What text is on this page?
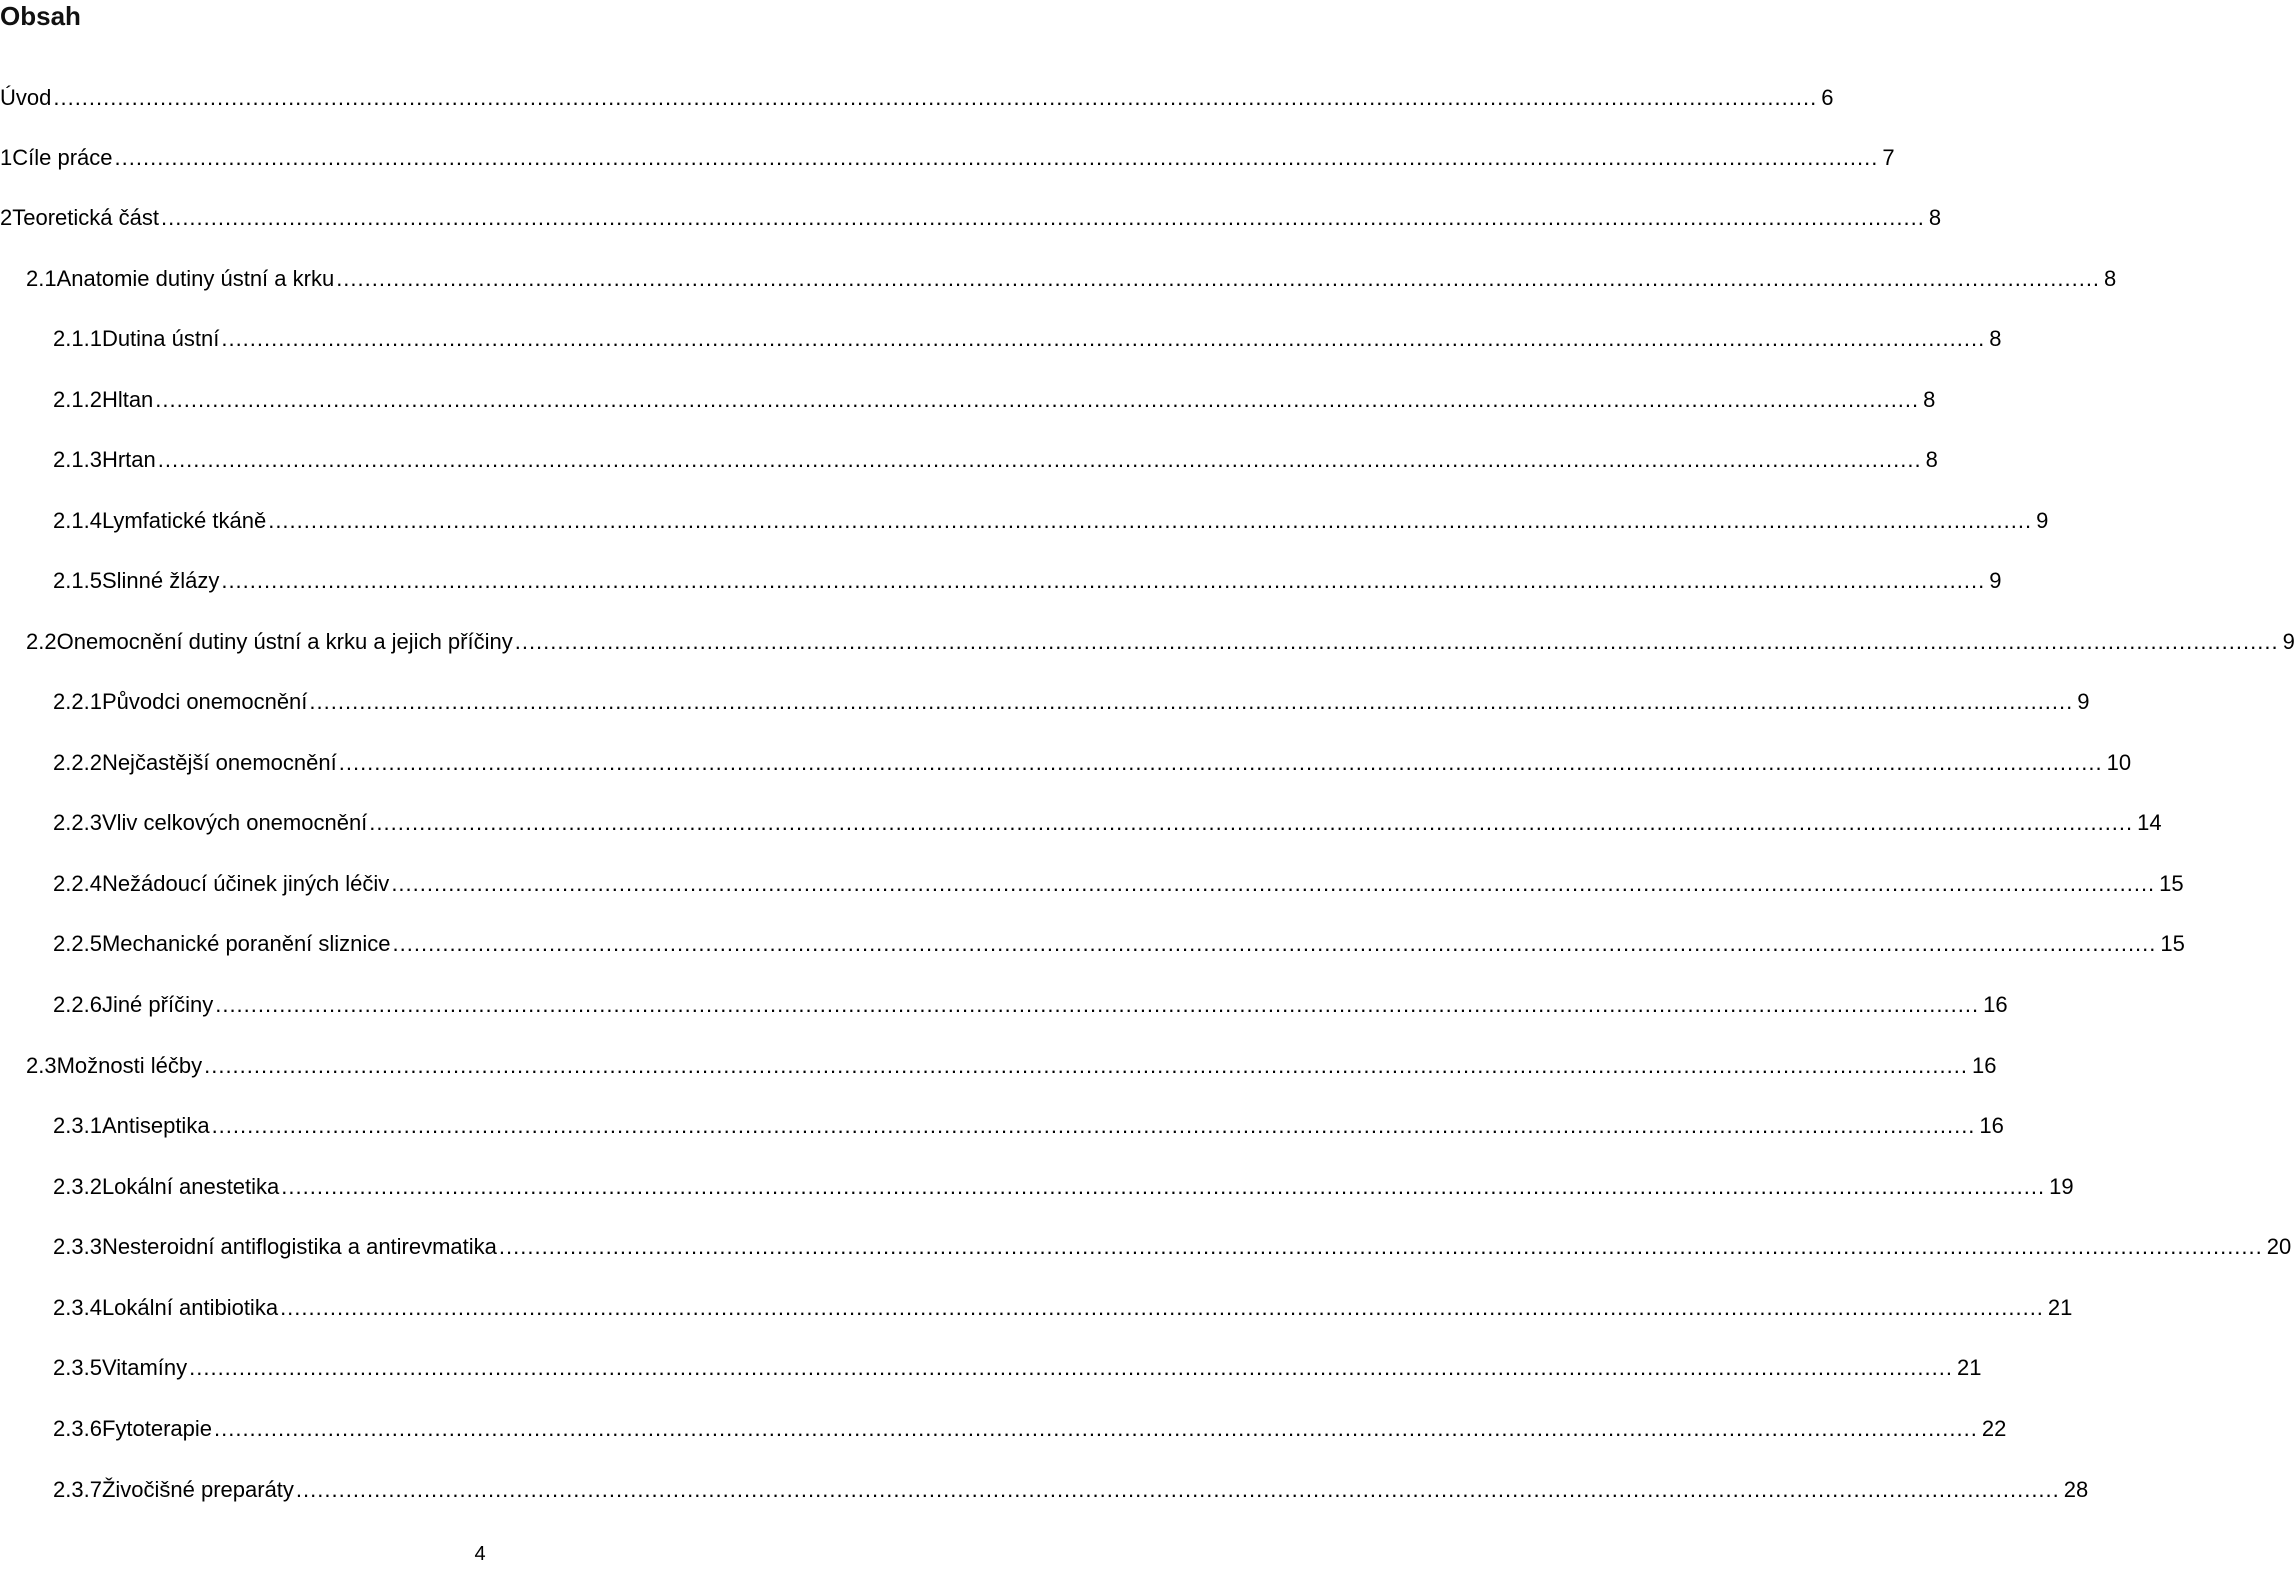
Obsah
Úvod .....	6
1 Cíle práce .....	7
2 Teoretická část .....	8
2.1 Anatomie dutiny ústní a krku .....	8
2.1.1 Dutina ústní .....	8
2.1.2 Hltan .....	8
2.1.3 Hrtan .....	8
2.1.4 Lymfatické tkáně .....	9
2.1.5 Slinné žlázy .....	9
2.2 Onemocnění dutiny ústní a krku a jejich příčiny .....	9
2.2.1 Původci onemocnění .....	9
2.2.2 Nejčastější onemocnění .....	10
2.2.3 Vliv celkových onemocnění .....	14
2.2.4 Nežádoucí účinek jiných léčiv .....	15
2.2.5 Mechanické poranění sliznice .....	15
2.2.6 Jiné příčiny .....	16
2.3 Možnosti léčby .....	16
2.3.1 Antiseptika .....	16
2.3.2 Lokální anestetika .....	19
2.3.3 Nesteroidní antiflogistika a antirevmatika .....	20
2.3.4 Lokální antibiotika .....	21
2.3.5 Vitamíny .....	21
2.3.6 Fytoterapie .....	22
2.3.7 Živočišné preparáty .....	28
4
